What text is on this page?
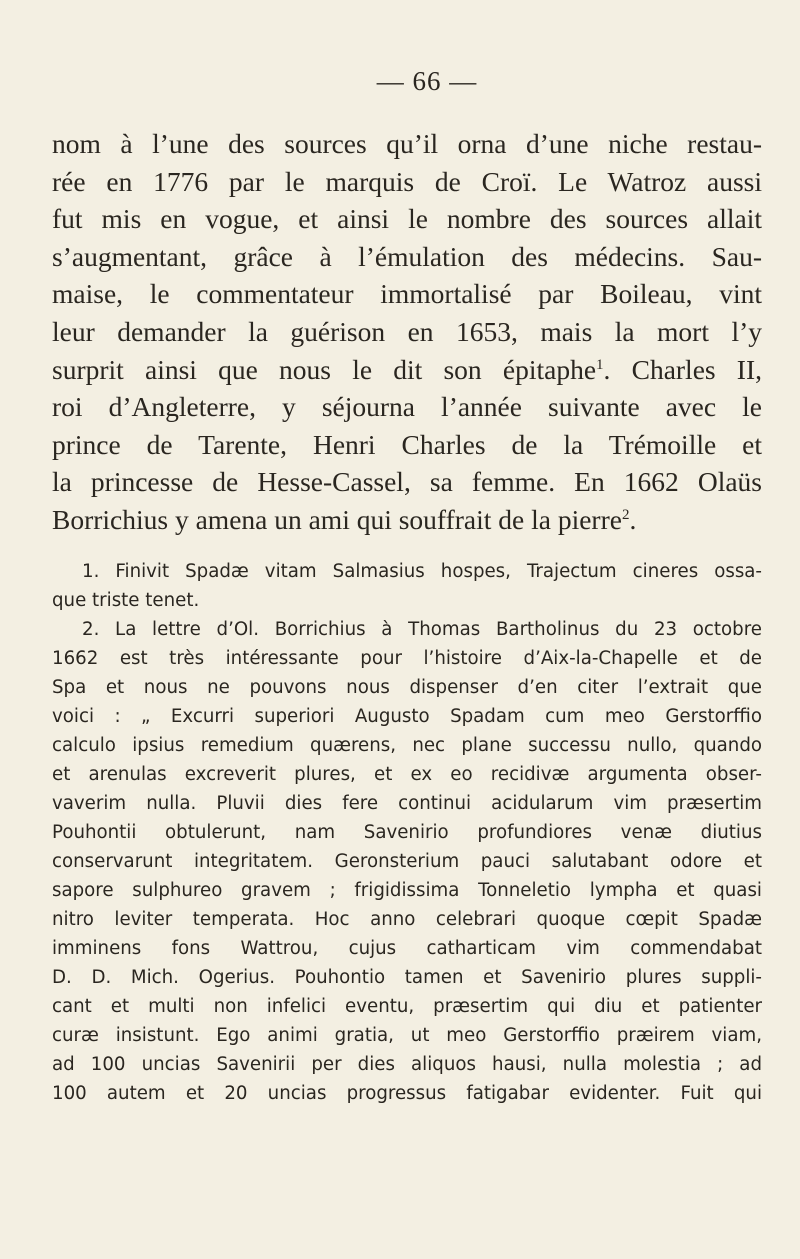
— 66 —
nom à l’une des sources qu’il orna d’une niche restau-
rée en 1776 par le marquis de Croï. Le Watroz aussi
fut mis en vogue, et ainsi le nombre des sources allait
s’augmentant, grâce à l’émulation des médecins. Sau-
maise, le commentateur immortalisé par Boileau, vint
leur demander la guérison en 1653, mais la mort l’y
surprit ainsi que nous le dit son épitaphe$^1$. Charles II,
roi d’Angleterre, y séjourna l’année suivante avec le
prince de Tarente, Henri Charles de la Trémoille et
la princesse de Hesse-Cassel, sa femme. En 1662 Olaüs
Borrichius y amena un ami qui souffrait de la pierre$^2$.
1. Finivit Spadæ vitam Salmasius hospes, Trajectum cineres ossa-
que triste tenet.
2. La lettre d’Ol. Borrichius à Thomas Bartholinus du 23 octobre
1662 est très intéressante pour l’histoire d’Aix-la-Chapelle et de
Spa et nous ne pouvons nous dispenser d’en citer l’extrait que
voici : „ Excurri superiori Augusto Spadam cum meo Gerstorffio
calculo ipsius remedium quærens, nec plane successu nullo, quando
et arenulas excreverit plures, et ex eo recidivæ argumenta obser-
vaverim nulla. Pluvii dies fere continui acidularum vim præsertim
Pouhontii obtulerunt, nam Savenirio profundiores venæ diutius
conservarunt integritatem. Geronsterium pauci salutabant odore et
sapore sulphureo gravem ; frigidissima Tonneletio lympha et quasi
nitro leviter temperata. Hoc anno celebrari quoque cœpit Spadæ
imminens fons Wattrou, cujus catharticam vim commendabat
D. D. Mich. Ogerius. Pouhontio tamen et Savenirio plures suppli-
cant et multi non infelici eventu, præsertim qui diu et patienter
curæ insistunt. Ego animi gratia, ut meo Gerstorffio præirem viam,
ad 100 uncias Savenirii per dies aliquos hausi, nulla molestia ; ad
100 autem et 20 uncias progressus fatigabar evidenter. Fuit qui
